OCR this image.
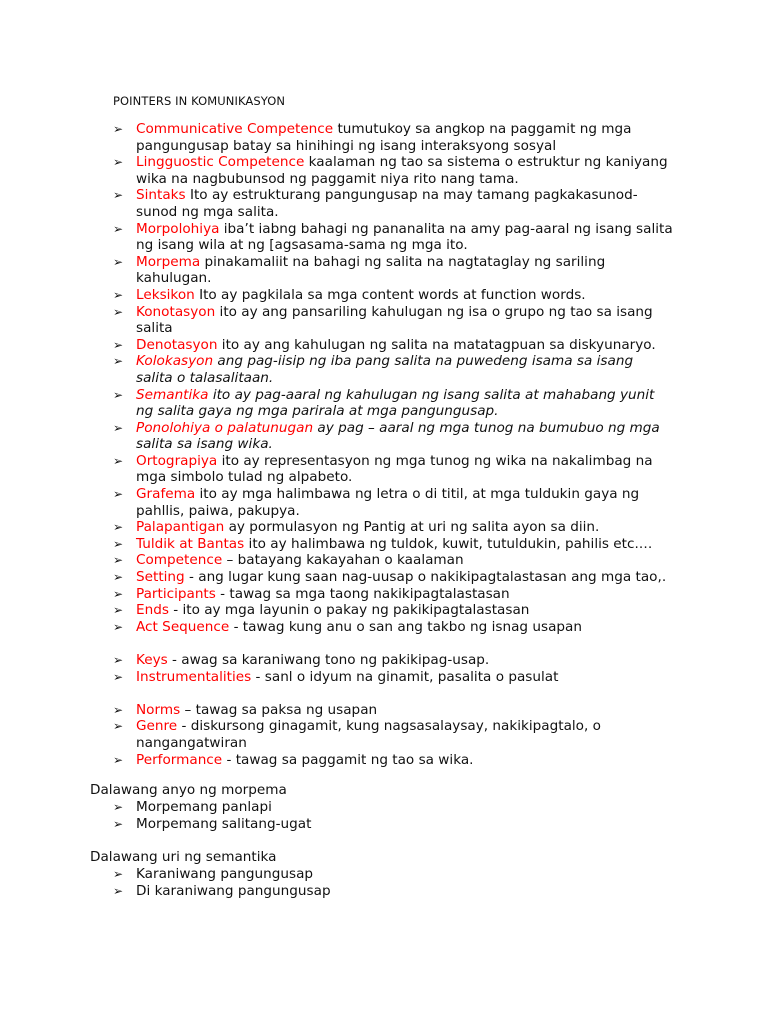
POINTERS IN KOMUNIKASYON
➢ Communicative Competence tumutukoy sa angkop na paggamit ng mga pangungusap batay sa hinihingi ng isang interaksyong sosyal
➢ Lingguostic Competence kaalaman ng tao sa sistema o estruktur ng kaniyang wika na nagbubunsod ng paggamit niya rito nang tama.
➢ Sintaks Ito ay estrukturang pangungusap na may tamang pagkakasunod-sunod ng mga salita.
➢ Morpolohiya iba’t iabng bahagi ng pananalita na amy pag-aaral ng isang salita ng isang wila at ng [agsasama-sama ng mga ito.
➢ Morpema pinakamaliit na bahagi ng salita na nagtataglay ng sariling kahulugan.
➢ Leksikon Ito ay pagkilala sa mga content words at function words.
➢ Konotasyon ito ay ang pansariling kahulugan ng isa o grupo ng tao sa isang salita
➢ Denotasyon ito ay ang kahulugan ng salita na matatagpuan sa diskyunaryo.
➢ Kolokasyon ang pag-iisip ng iba pang salita na puwedeng isama sa isang salita o talasalitaan.
➢ Semantika ito ay pag-aaral ng kahulugan ng isang salita at mahabang yunit ng salita gaya ng mga parirala at mga pangungusap.
➢ Ponolohiya o palatunugan ay pag – aaral ng mga tunog na bumubuo ng mga salita sa isang wika.
➢ Ortograpiya ito ay representasyon ng mga tunog ng wika na nakalimbag na mga simbolo tulad ng alpabeto.
➢ Grafema ito ay mga halimbawa ng letra o di titil, at mga tuldukin gaya ng pahllis, paiwa, pakupya.
➢ Palapantigan ay pormulasyon ng Pantig at uri ng salita ayon sa diin.
➢ Tuldik at Bantas ito ay halimbawa ng tuldok, kuwit, tutuldukin, pahilis etc.…
➢ Competence – batayang kakayahan o kaalaman
➢ Setting - ang lugar kung saan nag-uusap o nakikipagtalastasan ang mga tao,.
➢ Participants - tawag sa mga taong nakikipagtalastasan
➢ Ends - ito ay mga layunin o pakay ng pakikipagtalastasan
➢ Act Sequence - tawag kung anu o san ang takbo ng isnag usapan
➢ Keys - awag sa karaniwang tono ng pakikipag-usap.
➢ Instrumentalities - sanl o idyum na ginamit, pasalita o pasulat
➢ Norms – tawag sa paksa ng usapan
➢ Genre - diskursong ginagamit, kung nagsasalaysay, nakikipagtalo, o nangangatwiran
➢ Performance - tawag sa paggamit ng tao sa wika.
Dalawang anyo ng morpema
➢ Morpemang panlapi
➢ Morpemang salitang-ugat
Dalawang uri ng semantika
➢ Karaniwang pangungusap
➢ Di karaniwang pangungusap
